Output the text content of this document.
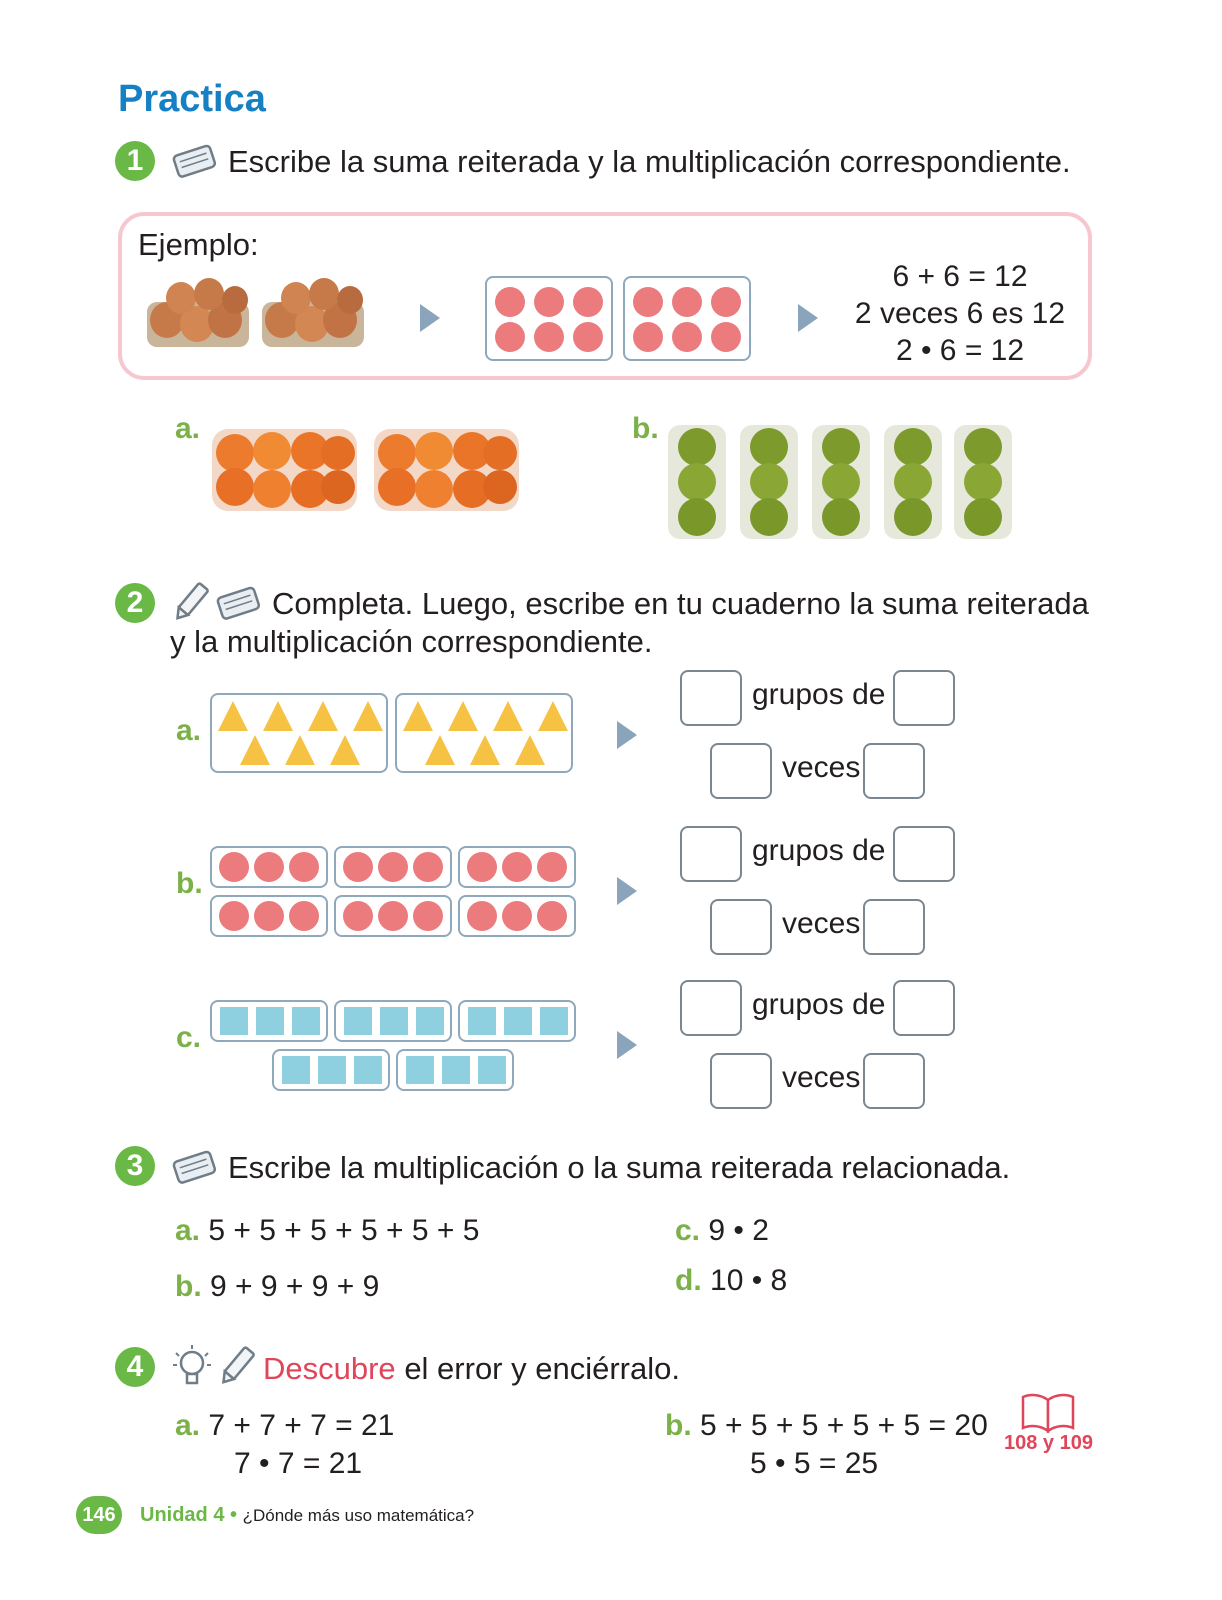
Practica
1	Escribe la suma reiterada y la multiplicación correspondiente.
Ejemplo:
6 + 6 = 12
2 veces 6 es 12
2 • 6 = 12
a.	b.
2	Completa. Luego, escribe en tu cuaderno la suma reiterada
y la multiplicación correspondiente.
a.
grupos de
veces
b.
grupos de
veces
c.
grupos de
veces
3	Escribe la multiplicación o la suma reiterada relacionada.
a. 5 + 5 + 5 + 5 + 5 + 5
b. 9 + 9 + 9 + 9
c. 9 • 2
d. 10 • 8
4	Descubre el error y enciérralo.
a. 7 + 7 + 7 = 21
7 • 7 = 21
b. 5 + 5 + 5 + 5 + 5 = 20
5 • 5 = 25
108 y 109
146	Unidad 4 • ¿Dónde más uso matemática?
